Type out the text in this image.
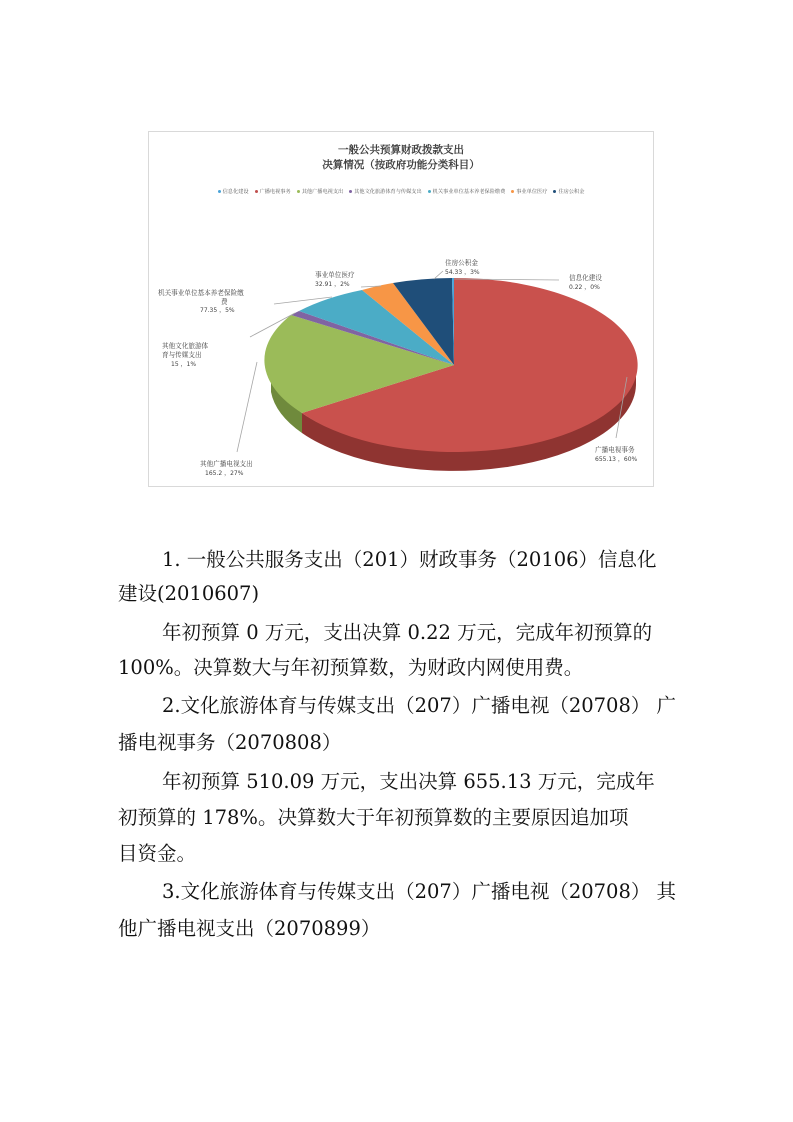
一般公共预算财政拨款支出
决算情况（按政府功能分类科目）
信息化建设 广播电视事务 其他广播电视支出 其他文化旅游体育与传媒支出 机关事业单位基本养老保险缴费 事业单位医疗 住房公积金
信息化建设
0.22 ，0%
住房公积金
54.33 ，3%
事业单位医疗
32.91 ，2%
机关事业单位基本养老保险缴
费
77.35 ，5%
其他文化旅游体
育与传媒支出
15 ，1%
其他广播电视支出
165.2 ，27%
广播电视事务
655.13 ，60%
1. 一般公共服务支出（201）财政事务（20106）信息化
建设(2010607)
年初预算 0 万元，支出决算 0.22 万元，完成年初预算的
100%。决算数大与年初预算数，为财政内网使用费。
2.文化旅游体育与传媒支出（207）广播电视（20708） 广
播电视事务（2070808）
年初预算 510.09 万元，支出决算 655.13 万元，完成年
初预算的 178%。决算数大于年初预算数的主要原因追加项
目资金。
3.文化旅游体育与传媒支出（207）广播电视（20708） 其
他广播电视支出（2070899）
